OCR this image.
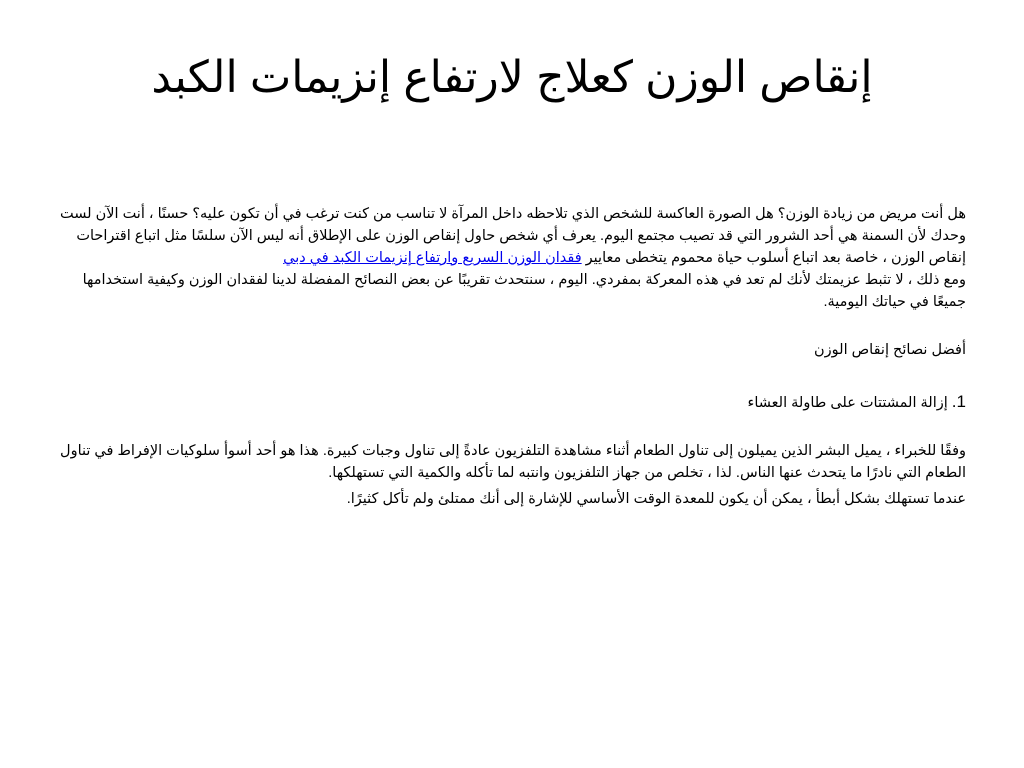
إنقاص الوزن كعلاج لارتفاع إنزيمات الكبد

هل أنت مريض من زيادة الوزن؟ هل الصورة العاكسة للشخص الذي تلاحظه داخل المرآة لا تناسب من كنت ترغب في أن تكون عليه؟ حسنًا ، أنت الآن لست وحدك لأن السمنة هي أحد الشرور التي قد تصيب مجتمع اليوم. يعرف أي شخص حاول إنقاص الوزن على الإطلاق أنه ليس الآن سلسًا مثل اتباع اقتراحات إنقاص الوزن ، خاصة بعد اتباع أسلوب حياة محموم يتخطى معايير فقدان الوزن السريع وارتفاع إنزيمات الكبد في دبي

ومع ذلك ، لا تثبط عزيمتك لأنك لم تعد في هذه المعركة بمفردي. اليوم ، سنتحدث تقريبًا عن بعض النصائح المفضلة لدينا لفقدان الوزن وكيفية استخدامها جميعًا في حياتك اليومية.

أفضل نصائح إنقاص الوزن

1. إزالة المشتتات على طاولة العشاء

وفقًا للخبراء ، يميل البشر الذين يميلون إلى تناول الطعام أثناء مشاهدة التلفزيون عادةً إلى تناول وجبات كبيرة. هذا هو أحد أسوأ سلوكيات الإفراط في تناول الطعام التي نادرًا ما يتحدث عنها الناس. لذا ، تخلص من جهاز التلفزيون وانتبه لما تأكله والكمية التي تستهلكها.

عندما تستهلك بشكل أبطأ ، يمكن أن يكون للمعدة الوقت الأساسي للإشارة إلى أنك ممتلئ ولم تأكل كثيرًا.
